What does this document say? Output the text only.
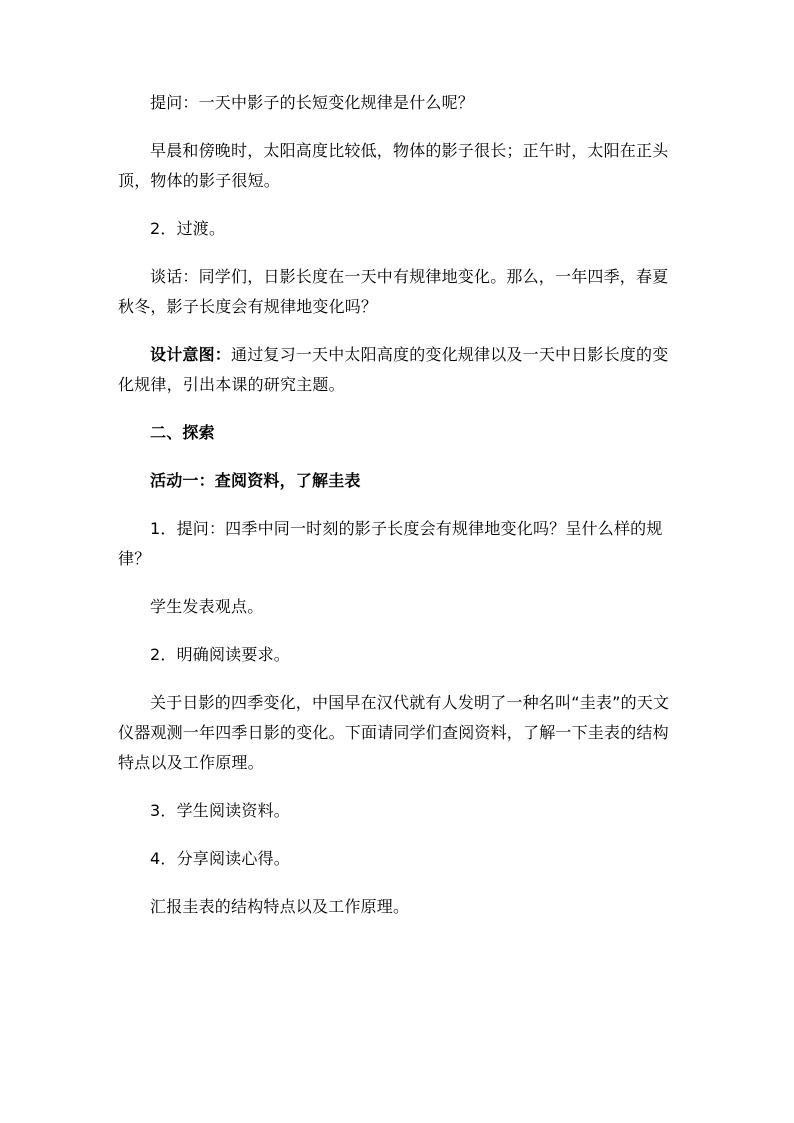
提问：一天中影子的长短变化规律是什么呢？

早晨和傍晚时，太阳高度比较低，物体的影子很长；正午时，太阳在正头顶，物体的影子很短。

2．过渡。

谈话：同学们，日影长度在一天中有规律地变化。那么，一年四季，春夏秋冬，影子长度会有规律地变化吗？

设计意图：通过复习一天中太阳高度的变化规律以及一天中日影长度的变化规律，引出本课的研究主题。

二、探索

活动一：查阅资料，了解圭表

1．提问：四季中同一时刻的影子长度会有规律地变化吗？呈什么样的规律？

学生发表观点。

2．明确阅读要求。

关于日影的四季变化，中国早在汉代就有人发明了一种名叫“圭表”的天文仪器观测一年四季日影的变化。下面请同学们查阅资料，了解一下圭表的结构特点以及工作原理。

3．学生阅读资料。

4．分享阅读心得。

汇报圭表的结构特点以及工作原理。
